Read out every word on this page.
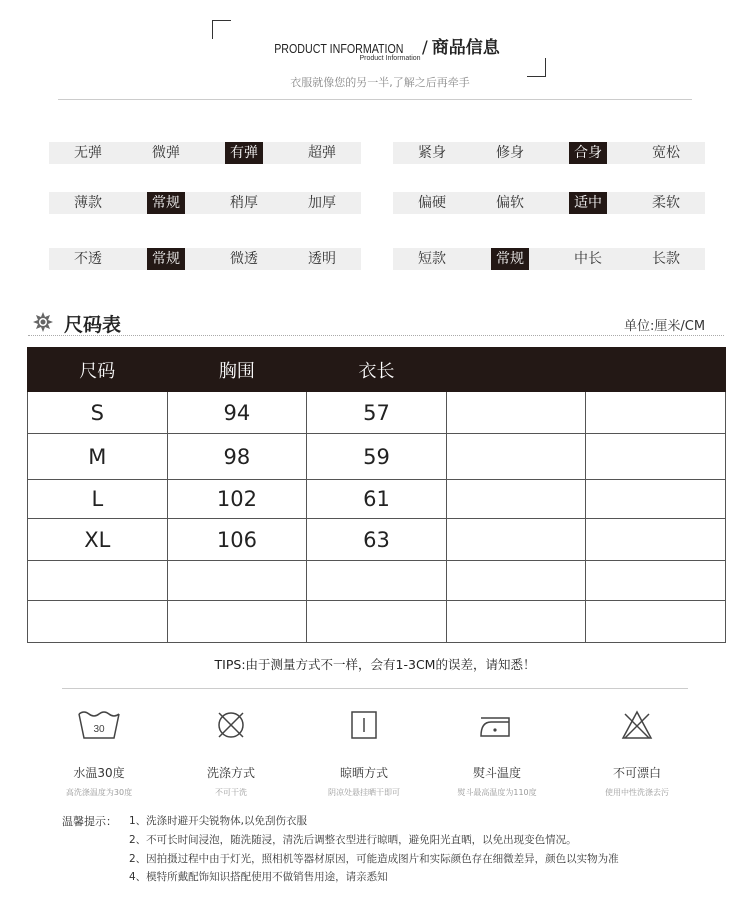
PRODUCT INFORMATION / 商品信息
Product Information
衣服就像您的另一半,了解之后再牵手
无弹	微弹	有弹	超弹	紧身	修身	合身	宽松
薄款	常规	稍厚	加厚	偏硬	偏软	适中	柔软
不透	常规	微透	透明	短款	常规	中长	长款
尺码表	单位:厘米/CM
尺码	胸围	衣长		
S	94	57		
M	98	59		
L	102	61		
XL	106	63		

TIPS:由于测量方式不一样，会有1-3CM的误差，请知悉！
30
水温30度
高洗涤温度为30度
洗涤方式
不可干洗
晾晒方式
阴凉处悬挂晒干即可
熨斗温度
熨斗最高温度为110度
不可漂白
使用中性洗涤去污
温馨提示： 1、洗涤时避开尖锐物体,以免刮伤衣服
2、不可长时间浸泡，随洗随浸，清洗后调整衣型进行晾晒，避免阳光直晒，以免出现变色情况。
2、因拍摄过程中由于灯光，照相机等器材原因，可能造成图片和实际颜色存在细微差异，颜色以实物为准
4、模特所戴配饰知识搭配使用不做销售用途，请亲悉知
